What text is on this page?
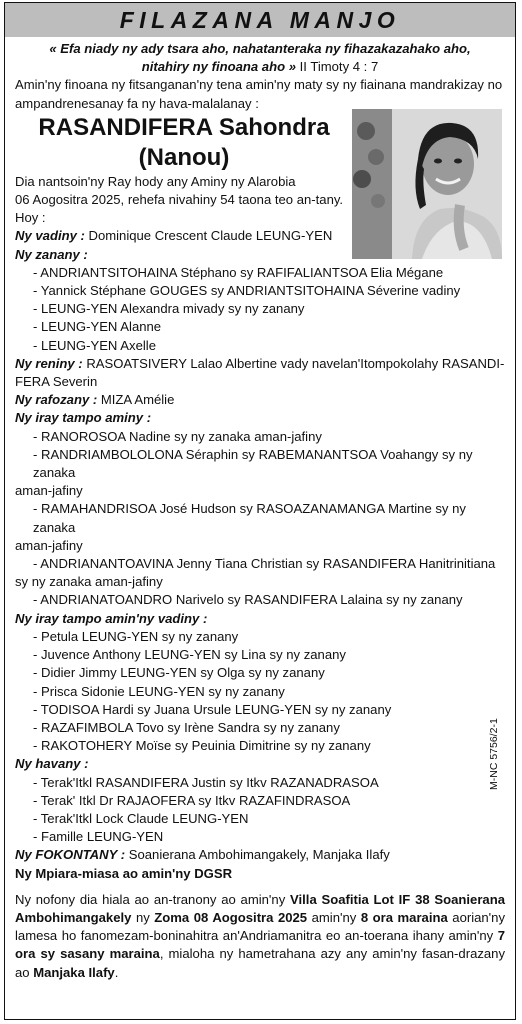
FILAZANA MANJO
« Efa niady ny ady tsara aho, nahatanteraka ny fihazakazahako aho,
nitahiry ny finoana aho » II Timoty 4 : 7

Amin'ny finoana ny fitsanganan'ny tena amin'ny maty sy ny fiainana mandrakizay no ampandrenesanay fa ny hava-malalanay :

RASANDIFERA Sahondra
(Nanou)
Dia nantsoin'ny Ray hody any Aminy ny Alarobia
06 Aogositra 2025, rehefa nivahiny 54 taona teo an-tany.
Hoy :
Ny vadiny : Dominique Crescent Claude LEUNG-YEN
Ny zanany :
- ANDRIANTSITOHAINA Stéphano sy RAFIFALIANTSOA Elia Mégane
- Yannick Stéphane GOUGES sy ANDRIANTSITOHAINA Séverine vadiny
- LEUNG-YEN Alexandra mivady sy ny zanany
- LEUNG-YEN Alanne
- LEUNG-YEN Axelle
Ny reniny : RASOATSIVERY Lalao Albertine vady navelan'Itompokolahy RASANDI-
FERA Severin
Ny rafozany : MIZA Amélie
Ny iray tampo aminy :
- RANOROSOA Nadine sy ny zanaka aman-jafiny
- RANDRIAMBOLOLONA Séraphin sy RABEMANANTSOA Voahangy sy ny zanaka
aman-jafiny
- RAMAHANDRISOA José Hudson sy RASOAZANAMANGA Martine sy ny zanaka
aman-jafiny
- ANDRIANANTOAVINA Jenny Tiana Christian sy RASANDIFERA Hanitrinitiana
sy ny zanaka aman-jafiny
- ANDRIANATOANDRO Narivelo sy RASANDIFERA Lalaina sy ny zanany
Ny iray tampo amin'ny vadiny :
- Petula LEUNG-YEN sy ny zanany
- Juvence Anthony LEUNG-YEN sy Lina sy ny zanany
- Didier Jimmy LEUNG-YEN sy Olga sy ny zanany
- Prisca Sidonie LEUNG-YEN sy ny zanany
- TODISOA Hardi sy Juana Ursule LEUNG-YEN sy ny zanany
- RAZAFIMBOLA Tovo sy Irène Sandra sy ny zanany
- RAKOTOHERY Moïse sy Peuinia Dimitrine sy ny zanany
Ny havany :
- Terak'Itkl RASANDIFERA Justin sy Itkv RAZANADRASOA
- Terak' Itkl Dr RAJAOFERA sy Itkv RAZAFINDRASOA
- Terak'Itkl Lock Claude LEUNG-YEN
- Famille LEUNG-YEN
Ny FOKONTANY : Soanierana Ambohimangakely, Manjaka Ilafy
Ny Mpiara-miasa ao amin'ny DGSR

Ny nofony dia hiala ao an-tranony ao amin'ny Villa Soafitia Lot IF 38 Soanierana Ambohimangakely ny Zoma 08 Aogositra 2025 amin'ny 8 ora maraina aorian'ny lamesa ho fanomezam-boninahitra an'Andriamanitra eo an-toerana ihany amin'ny 7 ora sy sasany maraina, mialoha ny hametrahana azy any amin'ny fasan-drazany ao Manjaka Ilafy.

M-NC 5756/2-1
